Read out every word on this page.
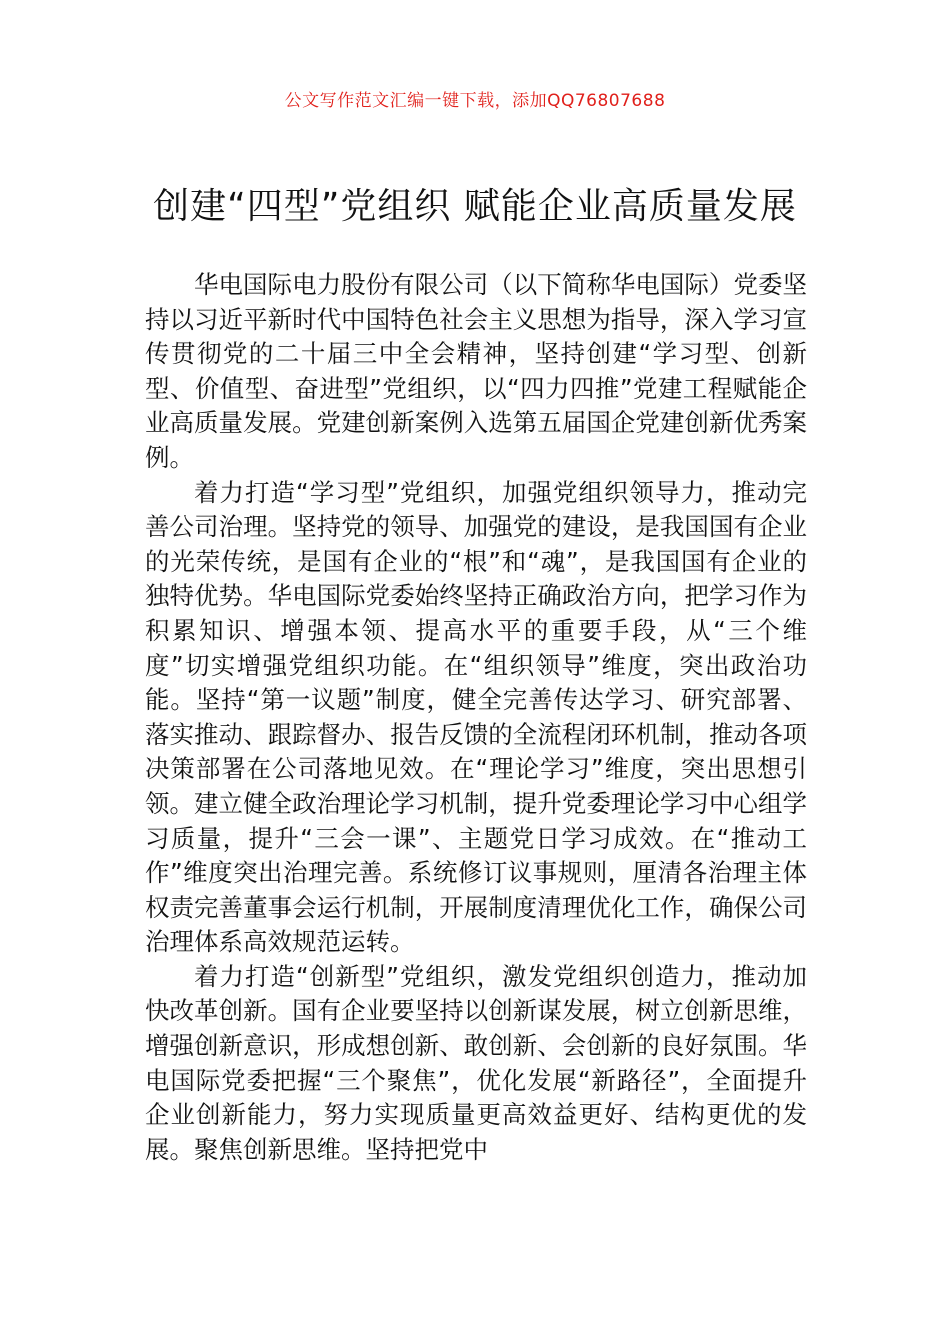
公文写作范文汇编一键下载，添加QQ76807688
创建“四型”党组织 赋能企业高质量发展

华电国际电力股份有限公司（以下简称华电国际）党委坚持以习近平新时代中国特色社会主义思想为指导，深入学习宣传贯彻党的二十届三中全会精神，坚持创建“学习型、创新型、价值型、奋进型”党组织，以“四力四推”党建工程赋能企业高质量发展。党建创新案例入选第五届国企党建创新优秀案例。

着力打造“学习型”党组织，加强党组织领导力，推动完善公司治理。坚持党的领导、加强党的建设，是我国国有企业的光荣传统，是国有企业的“根”和“魂”，是我国国有企业的独特优势。华电国际党委始终坚持正确政治方向，把学习作为积累知识、增强本领、提高水平的重要手段，从“三个维度”切实增强党组织功能。在“组织领导”维度，突出政治功能。坚持“第一议题”制度，健全完善传达学习、研究部署、落实推动、跟踪督办、报告反馈的全流程闭环机制，推动各项决策部署在公司落地见效。在“理论学习”维度，突出思想引领。建立健全政治理论学习机制，提升党委理论学习中心组学习质量，提升“三会一课”、主题党日学习成效。在“推动工作”维度突出治理完善。系统修订议事规则，厘清各治理主体权责完善董事会运行机制，开展制度清理优化工作，确保公司治理体系高效规范运转。

着力打造“创新型”党组织，激发党组织创造力，推动加快改革创新。国有企业要坚持以创新谋发展，树立创新思维，增强创新意识，形成想创新、敢创新、会创新的良好氛围。华电国际党委把握“三个聚焦”，优化发展“新路径”，全面提升企业创新能力，努力实现质量更高效益更好、结构更优的发展。聚焦创新思维。坚持把党中
